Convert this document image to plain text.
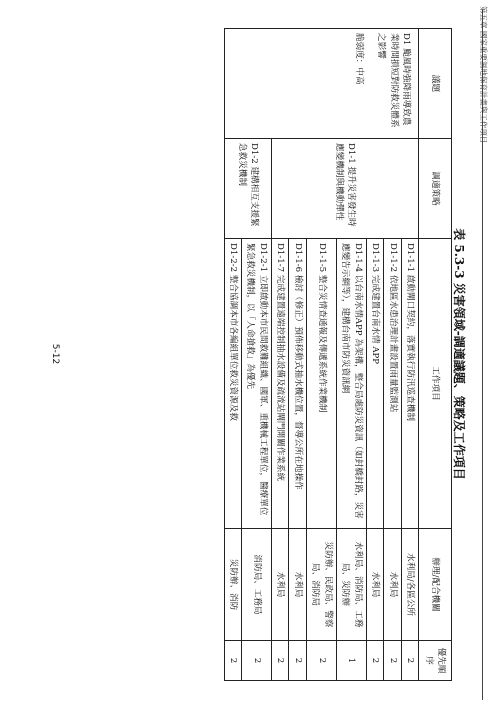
第五章 國家重要濕地保育計畫與工作項目
表 5.3-3 災害領域-調適議題、策略及工作項目
議題	調適策略	工作項目	辦理/配合機關	優先順序

D1 颱風時強降雨導致農業時間損短對防救災體系之影響
脆弱度：中高	D1-1 提升災害發生時應變機制與機動彈性	D1-1-1 啟動閘口契約，落實執行防汛巡查機制	水利局/各區公所	2
		D1-1-2 依地區水患治理計畫設置雨量監測站	水利局	2
		D1-1-3 完成建置台南水情 APP	水利局	2
		D1-1-4 以台南水情APP 為架構，整合局處防災資訊（如封橋封路，災害應變告示網等），建構台南市防災資訊網	水利局、消防局、工務局、災防辦	1
		D1-1-5 整合災情查通報及傳遞系統作業機制	災防辦、民政局、警察局、消防局	2
		D1-1-6 檢討（修正）預佈移動式抽水機位置，督導公所在地操作	水利局	2
		D1-1-7 完成建置遠端控制抽水設備及疏流站閘門開關作業系統	水利局	2
	D1-2 建構相互支援緊急救災機制	D1-2-1 立即啟動本市民間救難組織、國軍、重機械工程單位，醫療單位緊急救災機制，以「人命搶救」為優先	消防局、工務局	2
		D1-2-2 整合協調本市各編組單位救災資源及救	災防辦、消防	2
5-12
